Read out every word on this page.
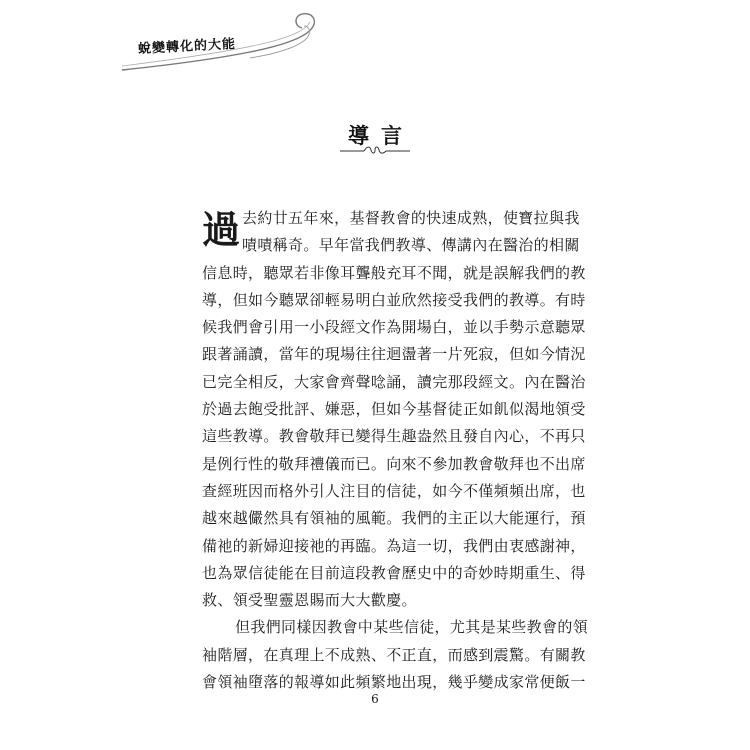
蛻變轉化的大能
導言
過 去約廿五年來，基督教會的快速成熟，使寶拉與我
嘖嘖稱奇。早年當我們教導、傳講內在醫治的相關
信息時，聽眾若非像耳聾般充耳不聞，就是誤解我們的教
導，但如今聽眾卻輕易明白並欣然接受我們的教導。有時
候我們會引用一小段經文作為開場白，並以手勢示意聽眾
跟著誦讀，當年的現場往往迴盪著一片死寂，但如今情況
已完全相反，大家會齊聲唸誦，讀完那段經文。內在醫治
於過去飽受批評、嫌惡，但如今基督徒正如飢似渴地領受
這些教導。教會敬拜已變得生趣盎然且發自內心，不再只
是例行性的敬拜禮儀而已。向來不參加教會敬拜也不出席
查經班因而格外引人注目的信徒，如今不僅頻頻出席，也
越來越儼然具有領袖的風範。我們的主正以大能運行，預
備祂的新婦迎接祂的再臨。為這一切，我們由衷感謝神，
也為眾信徒能在目前這段教會歷史中的奇妙時期重生、得
救、領受聖靈恩賜而大大歡慶。
但我們同樣因教會中某些信徒，尤其是某些教會的領
袖階層，在真理上不成熟、不正直，而感到震驚。有關教
會領袖墮落的報導如此頻繁地出現，幾乎變成家常便飯一
6
